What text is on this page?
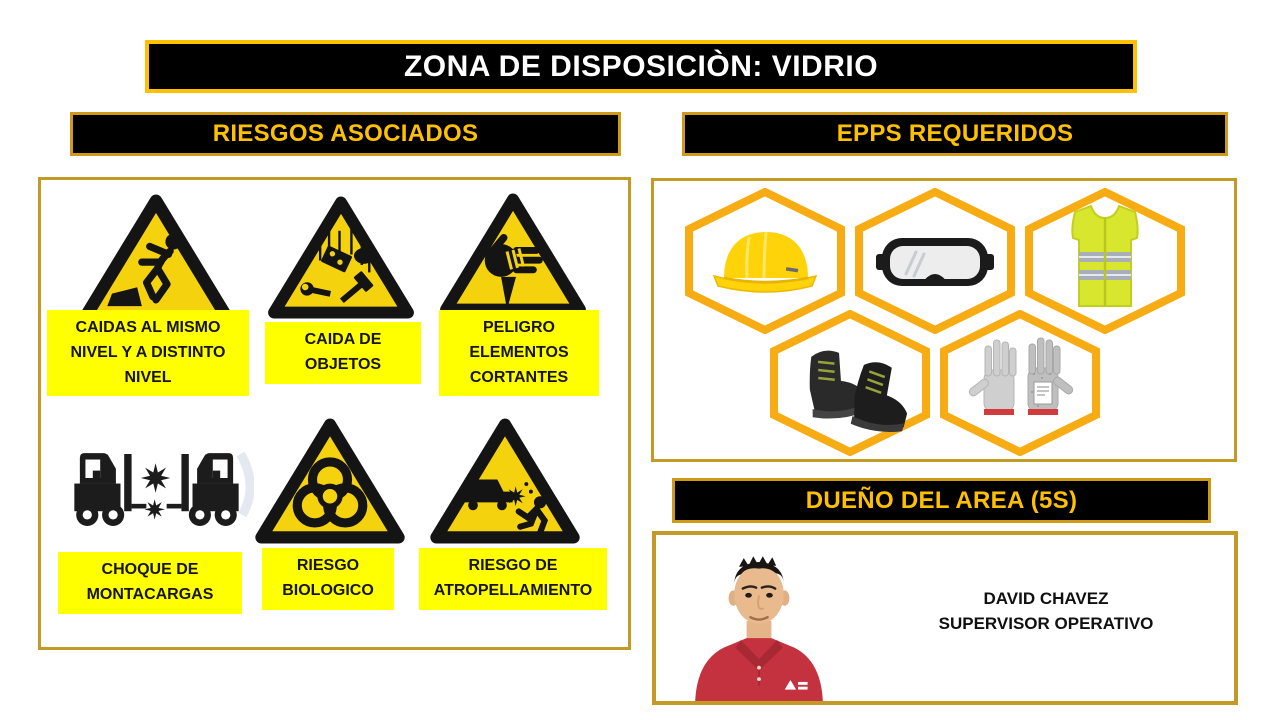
ZONA DE DISPOSICIÒN: VIDRIO
RIESGOS ASOCIADOS	EPPS REQUERIDOS
DUEÑO DEL AREA (5S)
CAIDAS AL MISMO NIVEL Y A DISTINTO NIVEL
CAIDA DE OBJETOS
PELIGRO ELEMENTOS CORTANTES
CHOQUE DE MONTACARGAS
RIESGO BIOLOGICO
RIESGO DE ATROPELLAMIENTO	DAVID CHAVEZ
SUPERVISOR OPERATIVO
